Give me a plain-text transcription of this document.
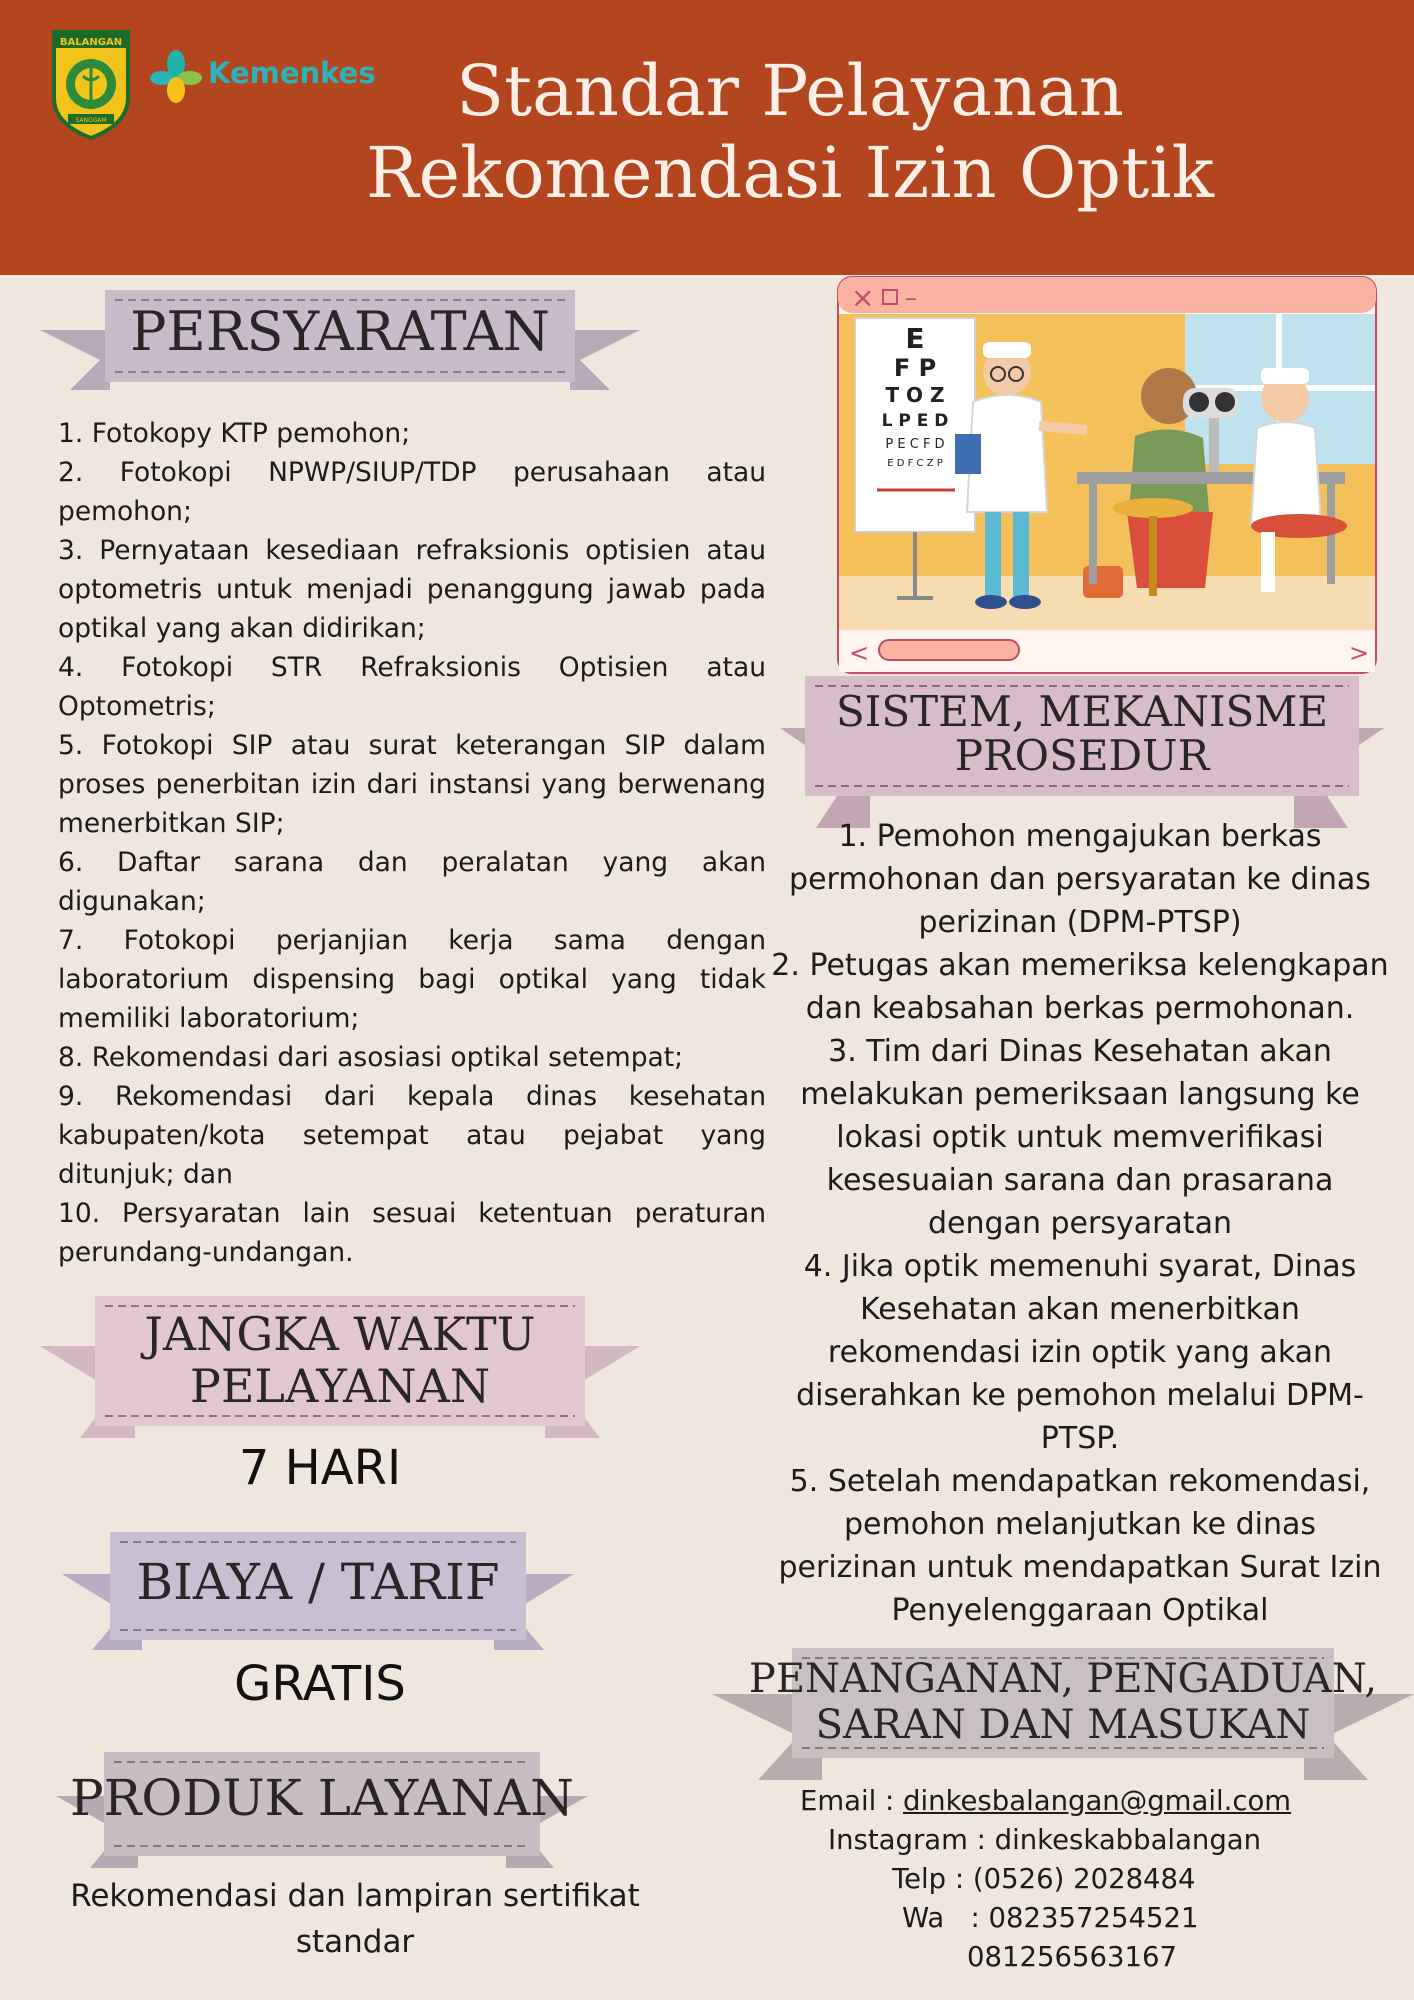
BALANGAN
SANGGAM
Kemenkes	Standar Pelayanan
Rekomendasi Izin Optik
PERSYARATAN

1. Fotokopy KTP pemohon;

2. Fotokopi NPWP/SIUP/TDP perusahaan atau pemohon;

3. Pernyataan kesediaan refraksionis optisien atau optometris untuk menjadi penanggung jawab pada optikal yang akan didirikan;

4. Fotokopi STR Refraksionis Optisien atau Optometris;

5. Fotokopi SIP atau surat keterangan SIP dalam proses penerbitan izin dari instansi yang berwenang menerbitkan SIP;

6. Daftar sarana dan peralatan yang akan digunakan;

7. Fotokopi perjanjian kerja sama dengan laboratorium dispensing bagi optikal yang tidak memiliki laboratorium;

8. Rekomendasi dari asosiasi optikal setempat;

9. Rekomendasi dari kepala dinas kesehatan kabupaten/kota setempat atau pejabat yang ditunjuk; dan

10. Persyaratan lain sesuai ketentuan peraturan perundang-undangan.

JANGKA WAKTU
PELAYANAN
7 HARI
BIAYA / TARIF
GRATIS
PRODUK LAYANAN
Rekomendasi dan lampiran sertifikat standar
× –
E
F P
T O Z
L P E D
P E C F D
E D F C Z P
<	>
SISTEM, MEKANISME
PROSEDUR

1. Pemohon mengajukan berkas permohonan dan persyaratan ke dinas perizinan (DPM-PTSP)

2. Petugas akan memeriksa kelengkapan dan keabsahan berkas permohonan.

3. Tim dari Dinas Kesehatan akan melakukan pemeriksaan langsung ke lokasi optik untuk memverifikasi kesesuaian sarana dan prasarana dengan persyaratan

4. Jika optik memenuhi syarat, Dinas Kesehatan akan menerbitkan rekomendasi izin optik yang akan diserahkan ke pemohon melalui DPM-PTSP.

5. Setelah mendapatkan rekomendasi, pemohon melanjutkan ke dinas perizinan untuk mendapatkan Surat Izin Penyelenggaraan Optikal

PENANGANAN, PENGADUAN,
SARAN DAN MASUKAN
Email : dinkesbalangan@gmail.com
Instagram : dinkeskabbalangan
Telp : (0526) 2028484
Wa   : 082357254521
081256563167
